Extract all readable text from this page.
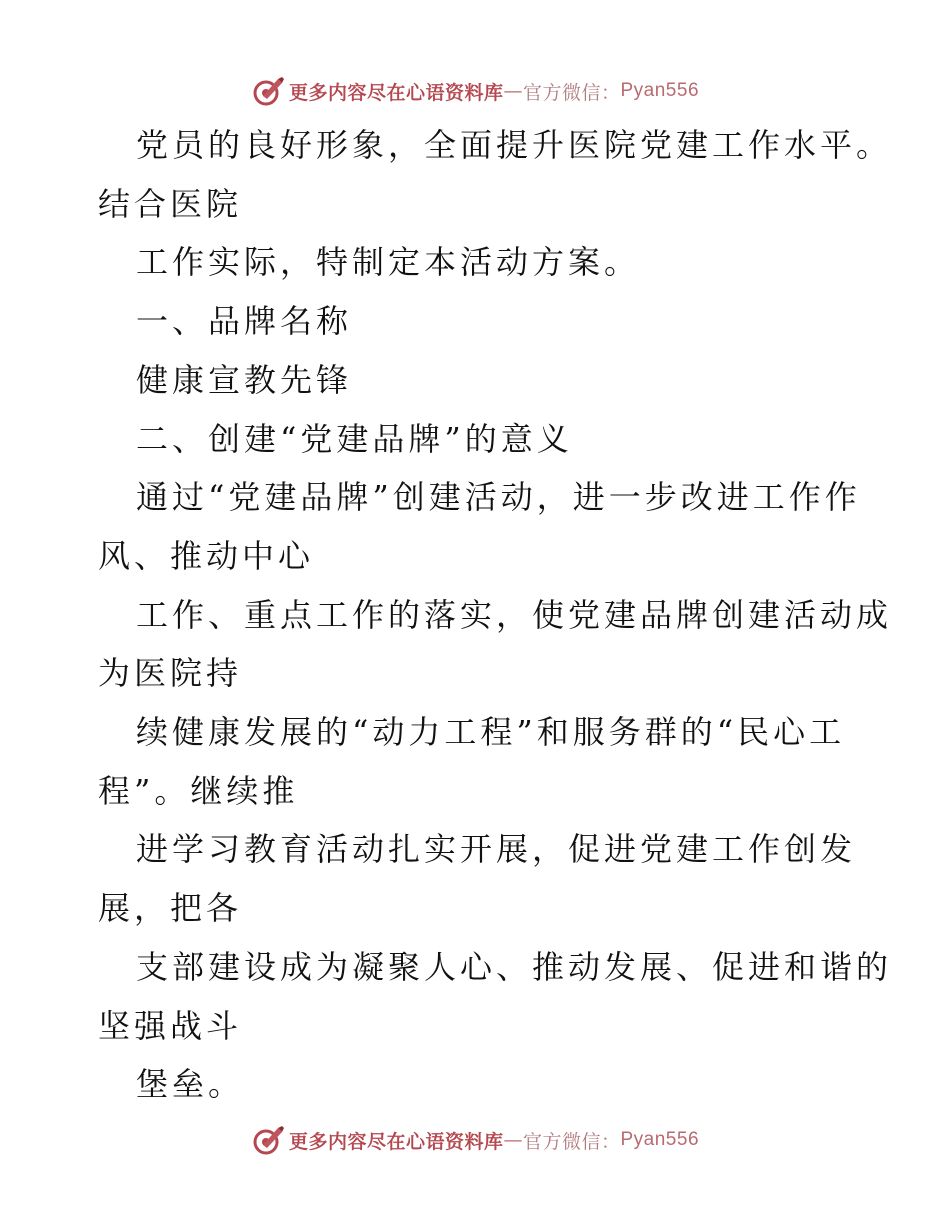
更多内容尽在心语资料库 — 官方微信： Pyan556

党员的良好形象，全面提升医院党建工作水平。

结合医院

工作实际，特制定本活动方案。

一、品牌名称

健康宣教先锋

二、创建“党建品牌”的意义

通过“党建品牌”创建活动，进一步改进工作作

风、推动中心

工作、重点工作的落实，使党建品牌创建活动成

为医院持

续健康发展的“动力工程”和服务群的“民心工

程”。继续推

进学习教育活动扎实开展，促进党建工作创发

展，把各

支部建设成为凝聚人心、推动发展、促进和谐的

坚强战斗

堡垒。

更多内容尽在心语资料库 — 官方微信： Pyan556
